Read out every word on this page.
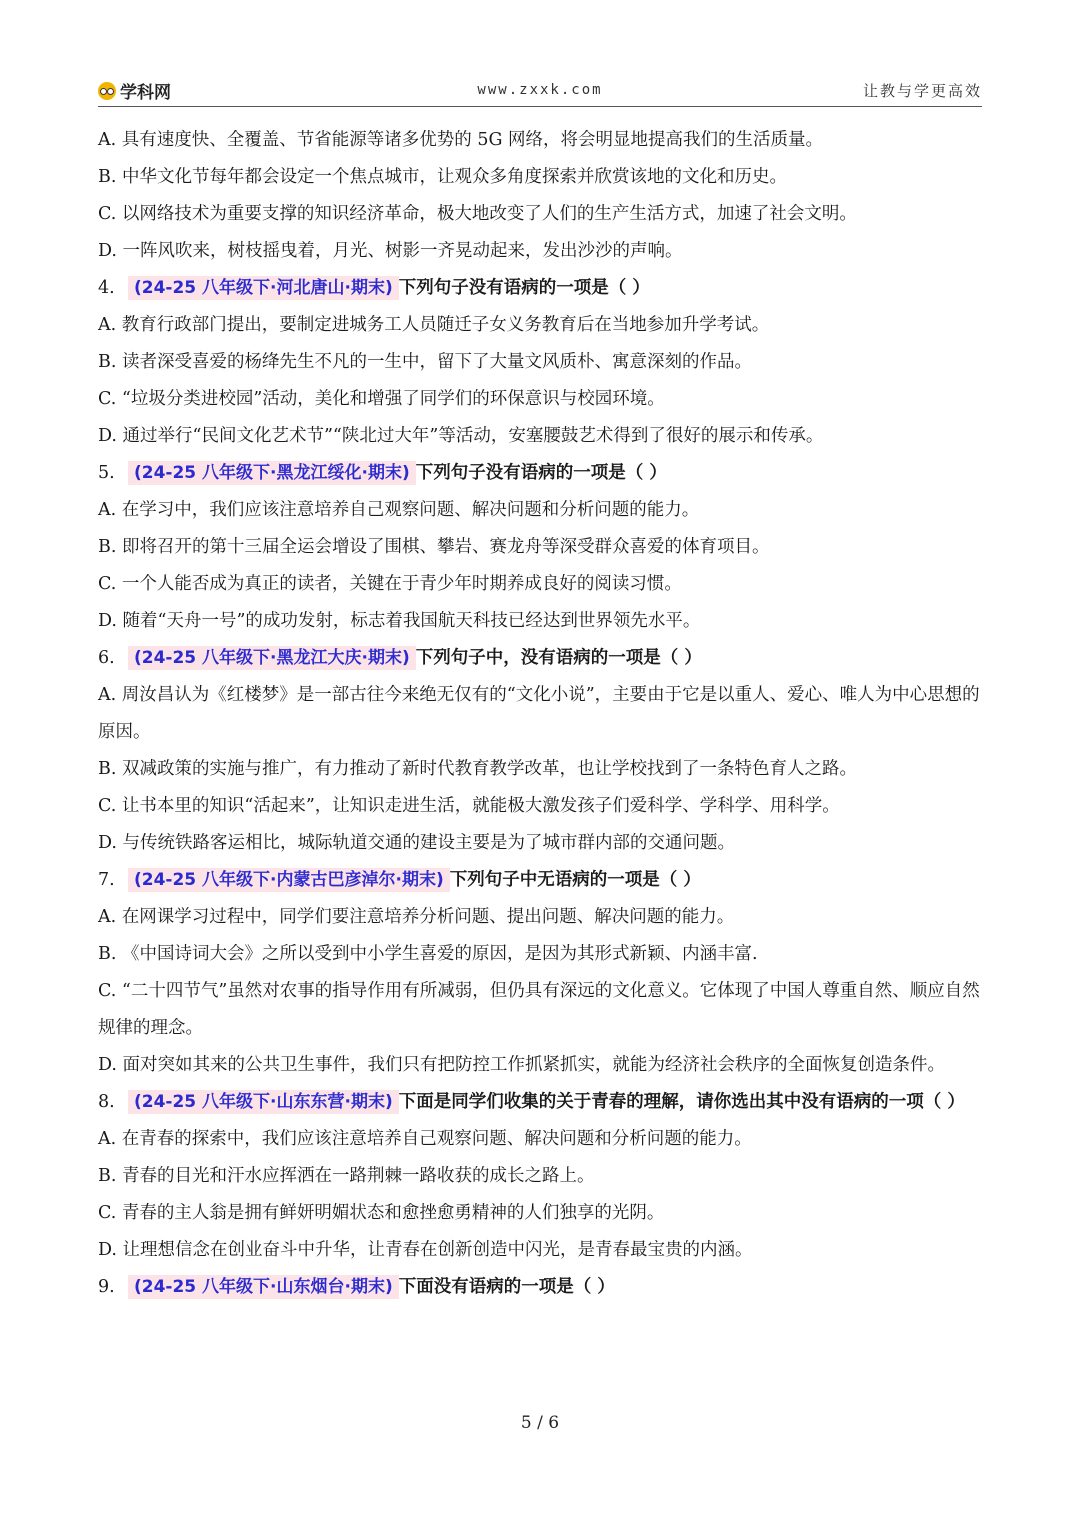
学科网	www.zxxk.com	让教与学更高效
A. 具有速度快、全覆盖、节省能源等诸多优势的 5G 网络，将会明显地提高我们的生活质量。
B. 中华文化节每年都会设定一个焦点城市，让观众多角度探索并欣赏该地的文化和历史。
C. 以网络技术为重要支撑的知识经济革命，极大地改变了人们的生产生活方式，加速了社会文明。
D. 一阵风吹来，树枝摇曳着，月光、树影一齐晃动起来，发出沙沙的声响。
4. (24-25 八年级下·河北唐山·期末) 下列句子没有语病的一项是（ ）
A. 教育行政部门提出，要制定进城务工人员随迁子女义务教育后在当地参加升学考试。
B. 读者深受喜爱的杨绛先生不凡的一生中，留下了大量文风质朴、寓意深刻的作品。
C. “垃圾分类进校园”活动，美化和增强了同学们的环保意识与校园环境。
D. 通过举行“民间文化艺术节”“陕北过大年”等活动，安塞腰鼓艺术得到了很好的展示和传承。
5. (24-25 八年级下·黑龙江绥化·期末) 下列句子没有语病的一项是（ ）
A. 在学习中，我们应该注意培养自己观察问题、解决问题和分析问题的能力。
B. 即将召开的第十三届全运会增设了围棋、攀岩、赛龙舟等深受群众喜爱的体育项目。
C. 一个人能否成为真正的读者，关键在于青少年时期养成良好的阅读习惯。
D. 随着“天舟一号”的成功发射，标志着我国航天科技已经达到世界领先水平。
6. (24-25 八年级下·黑龙江大庆·期末) 下列句子中，没有语病的一项是（ ）
A. 周汝昌认为《红楼梦》是一部古往今来绝无仅有的“文化小说”，主要由于它是以重人、爱心、唯人为中心思想的原因。
B. 双减政策的实施与推广，有力推动了新时代教育教学改革，也让学校找到了一条特色育人之路。
C. 让书本里的知识“活起来”，让知识走进生活，就能极大激发孩子们爱科学、学科学、用科学。
D. 与传统铁路客运相比，城际轨道交通的建设主要是为了城市群内部的交通问题。
7. (24-25 八年级下·内蒙古巴彦淖尔·期末) 下列句子中无语病的一项是（ ）
A. 在网课学习过程中，同学们要注意培养分析问题、提出问题、解决问题的能力。
B. 《中国诗词大会》之所以受到中小学生喜爱的原因，是因为其形式新颖、内涵丰富.
C. “二十四节气”虽然对农事的指导作用有所减弱，但仍具有深远的文化意义。它体现了中国人尊重自然、顺应自然规律的理念。
D. 面对突如其来的公共卫生事件，我们只有把防控工作抓紧抓实，就能为经济社会秩序的全面恢复创造条件。
8. (24-25 八年级下·山东东营·期末) 下面是同学们收集的关于青春的理解，请你选出其中没有语病的一项（ ）
A. 在青春的探索中，我们应该注意培养自己观察问题、解决问题和分析问题的能力。
B. 青春的目光和汗水应挥洒在一路荆棘一路收获的成长之路上。
C. 青春的主人翁是拥有鲜妍明媚状态和愈挫愈勇精神的人们独享的光阴。
D. 让理想信念在创业奋斗中升华，让青春在创新创造中闪光，是青春最宝贵的内涵。
9. (24-25 八年级下·山东烟台·期末) 下面没有语病的一项是（ ）
5 / 6
